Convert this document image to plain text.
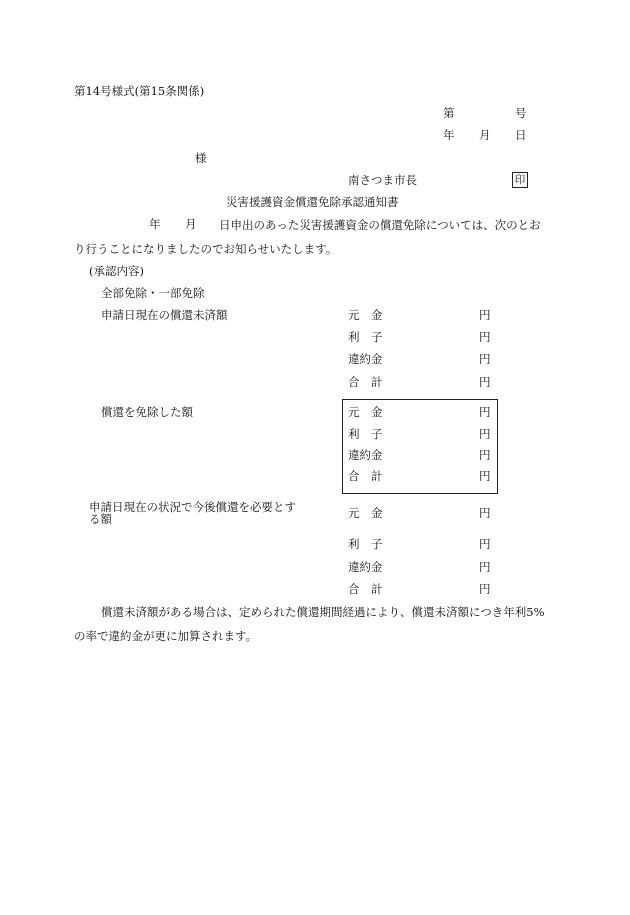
第14号様式(第15条関係)
第	号
年 月 日
様
南さつま市長	印
災害援護資金償還免除承認通知書
年 月	日申出のあった災害援護資金の償還免除については、次のとおり行うことになりましたのでお知らせいたします。
(承認内容)
全部免除・一部免除
申請日現在の償還未済額	元　金	円
利　子	円
違約金	円
合　計	円
償還を免除した額	元　金	円
利　子	円
違約金	円
合　計	円
申請日現在の状況で今後償還を必要とする額	元　金	円
利　子	円
違約金	円
合　計	円
償還未済額がある場合は、定められた償還期間経過により、償還未済額につき年利5%の率で違約金が更に加算されます。
